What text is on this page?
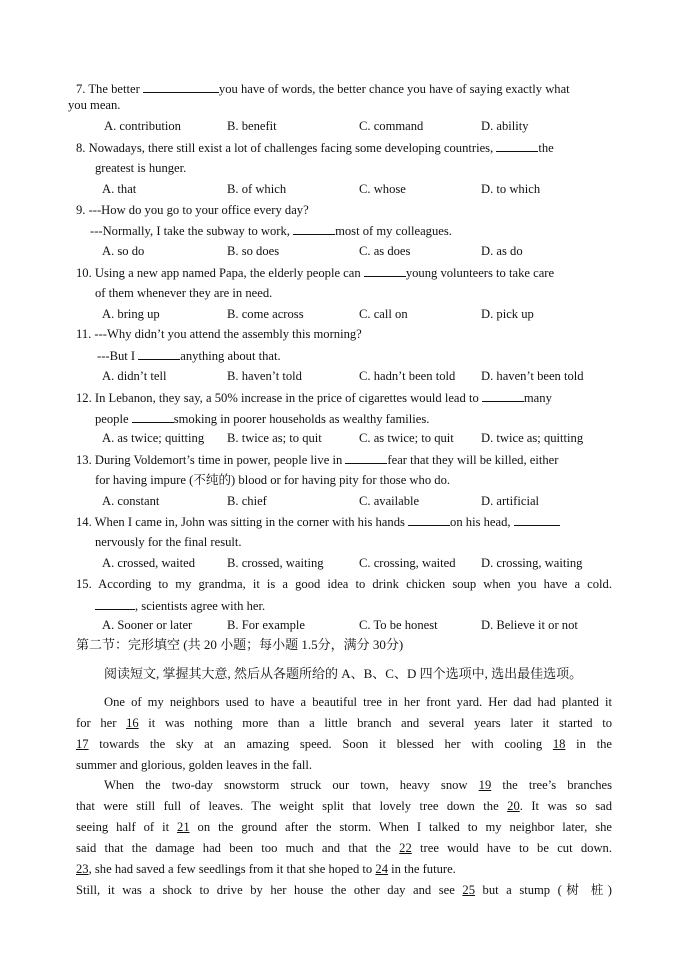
7. The better	you have of words, the better chance you have of saying exactly what
you mean.
A. contribution	B. benefit	C. command	D. ability
8. Nowadays, there still exist a lot of challenges facing some developing countries,	the
greatest is hunger.
A. that	B. of which	C. whose	D. to which
9. ---How do you go to your office every day?
---Normally, I take the subway to work,	most of my colleagues.
A. so do	B. so does	C. as does	D. as do
10. Using a new app named Papa, the elderly people can	young volunteers to take care
of them whenever they are in need.
A. bring up	B. come across	C. call on	D. pick up
11. ---Why didn’t you attend the assembly this morning?
---But I	anything about that.
A. didn’t tell	B. haven’t told	C. hadn’t been told D. haven’t been told
12. In Lebanon, they say, a 50% increase in the price of cigarettes would lead to	many
people	smoking in poorer households as wealthy families.
A. as twice; quitting B. twice as; to quit	C. as twice; to quit D. twice as; quitting
13. During Voldemort’s time in power, people live in	fear that they will be killed, either
for having impure (不纯的) blood or for having pity for those who do.
A. constant	B. chief	C. available	D. artificial
14. When I came in, John was sitting in the corner with his hands	on his head,
nervously for the final result.
A. crossed, waited	B. crossed, waiting	C. crossing, waited D. crossing, waiting
15. According to my grandma, it is a good idea to drink chicken soup when you have a cold.
, scientists agree with her.
A. Sooner or later	B. For example	C. To be honest	D. Believe it or not
第二节：完形填空 (共 20 小题；每小题 1.5分，满分 30分)
阅读短文, 掌握其大意, 然后从各题所给的 A、B、C、D 四个选项中, 选出最佳选项。
One of my neighbors used to have a beautiful tree in her front yard. Her dad had planted it
for her 16 it was nothing more than a little branch and several years later it started to
17 towards the sky at an amazing speed. Soon it blessed her with cooling 18 in the
summer and glorious, golden leaves in the fall.
When the two-day snowstorm struck our town, heavy snow 19 the tree’s branches
that were still full of leaves. The weight split that lovely tree down the 20. It was so sad
seeing half of it 21 on the ground after the storm. When I talked to my neighbor later, she
said that the damage had been too much and that the 22 tree would have to be cut down.
23, she had saved a few seedlings from it that she hoped to 24 in the future.
Still, it was a shock to drive by her house the other day and see 25 but a stump (树 桩)
